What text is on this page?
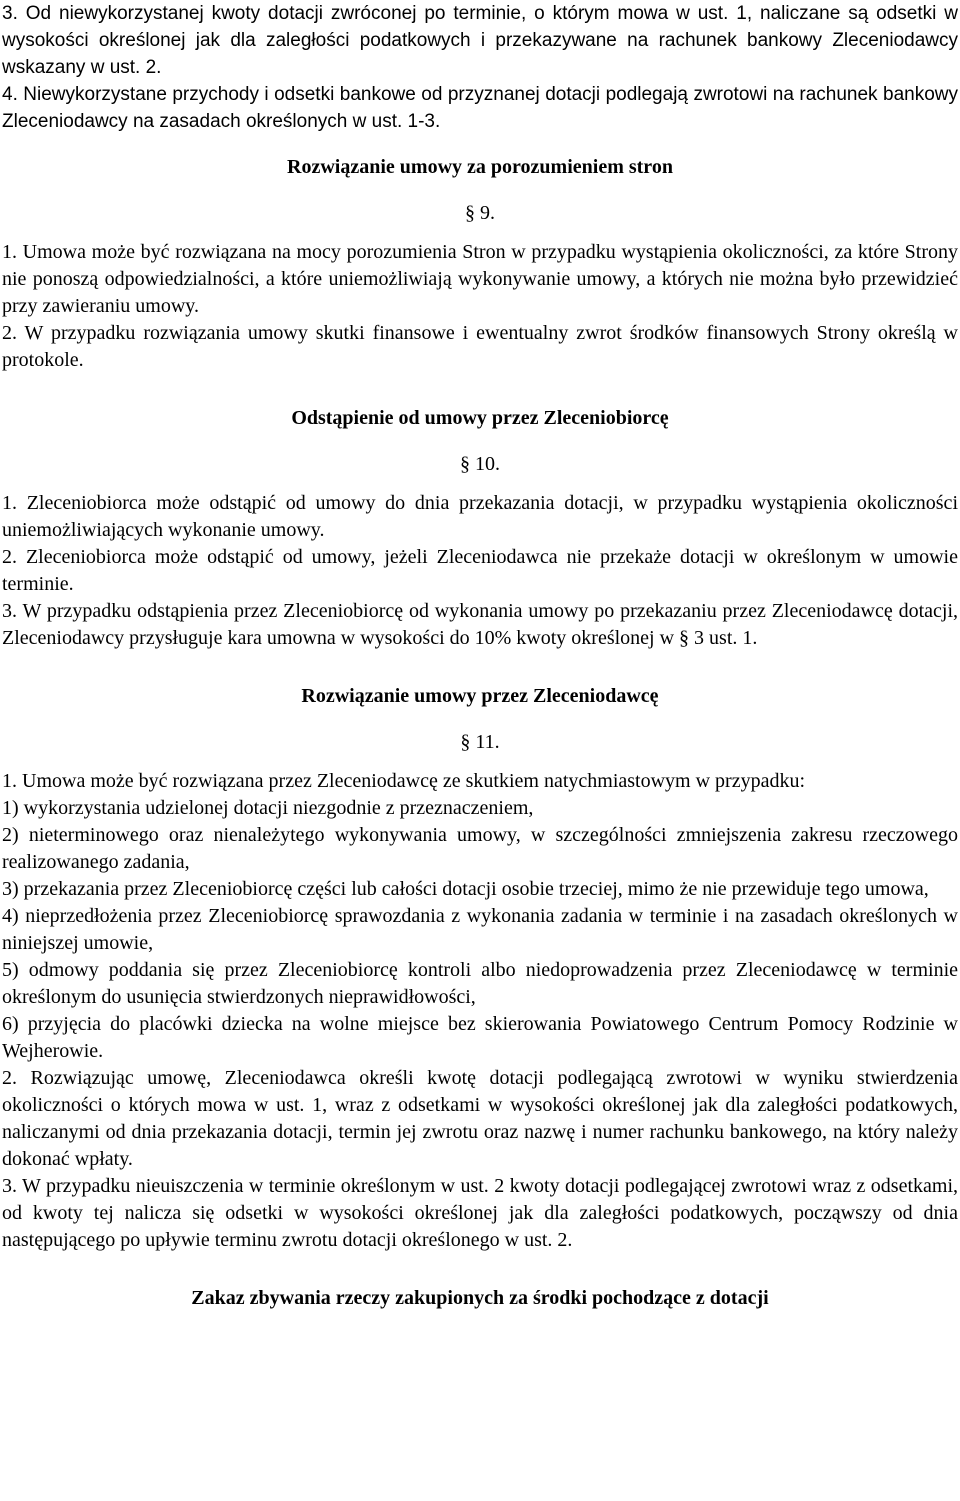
3. Od niewykorzystanej kwoty dotacji zwróconej po terminie, o którym mowa w ust. 1, naliczane są odsetki w wysokości określonej jak dla zaległości podatkowych i przekazywane na rachunek bankowy Zleceniodawcy wskazany w ust. 2.

4. Niewykorzystane przychody i odsetki bankowe od przyznanej dotacji podlegają zwrotowi na rachunek bankowy Zleceniodawcy na zasadach określonych w ust. 1-3.

Rozwiązanie umowy za porozumieniem stron
§ 9.

1. Umowa może być rozwiązana na mocy porozumienia Stron w przypadku wystąpienia okoliczności, za które Strony nie ponoszą odpowiedzialności, a które uniemożliwiają wykonywanie umowy, a których nie można było przewidzieć przy zawieraniu umowy.

2. W przypadku rozwiązania umowy skutki finansowe i ewentualny zwrot środków finansowych Strony określą w protokole.

Odstąpienie od umowy przez Zleceniobiorcę
§ 10.

1. Zleceniobiorca może odstąpić od umowy do dnia przekazania dotacji, w przypadku wystąpienia okoliczności uniemożliwiających wykonanie umowy.

2. Zleceniobiorca może odstąpić od umowy, jeżeli Zleceniodawca nie przekaże dotacji w określonym w umowie terminie.

3. W przypadku odstąpienia przez Zleceniobiorcę od wykonania umowy po przekazaniu przez Zleceniodawcę dotacji, Zleceniodawcy przysługuje kara umowna w wysokości do 10% kwoty określonej w § 3 ust. 1.

Rozwiązanie umowy przez Zleceniodawcę
§ 11.

1. Umowa może być rozwiązana przez Zleceniodawcę ze skutkiem natychmiastowym w przypadku:

1) wykorzystania udzielonej dotacji niezgodnie z przeznaczeniem,

2) nieterminowego oraz nienależytego wykonywania umowy, w szczególności zmniejszenia zakresu rzeczowego realizowanego zadania,

3) przekazania przez Zleceniobiorcę części lub całości dotacji osobie trzeciej, mimo że nie przewiduje tego umowa,

4) nieprzedłożenia przez Zleceniobiorcę sprawozdania z wykonania zadania w terminie i na zasadach określonych w niniejszej umowie,

5) odmowy poddania się przez Zleceniobiorcę kontroli albo niedoprowadzenia przez Zleceniodawcę w terminie określonym do usunięcia stwierdzonych nieprawidłowości,

6) przyjęcia do placówki dziecka na wolne miejsce bez skierowania Powiatowego Centrum Pomocy Rodzinie w Wejherowie.

2. Rozwiązując umowę, Zleceniodawca określi kwotę dotacji podlegającą zwrotowi w wyniku stwierdzenia okoliczności o których mowa w ust. 1, wraz z odsetkami w wysokości określonej jak dla zaległości podatkowych, naliczanymi od dnia przekazania dotacji, termin jej zwrotu oraz nazwę i numer rachunku bankowego, na który należy dokonać wpłaty.

3. W przypadku nieuiszczenia w terminie określonym w ust. 2 kwoty dotacji podlegającej zwrotowi wraz z odsetkami, od kwoty tej nalicza się odsetki w wysokości określonej jak dla zaległości podatkowych, począwszy od dnia następującego po upływie terminu zwrotu dotacji określonego w ust. 2.

Zakaz zbywania rzeczy zakupionych za środki pochodzące z dotacji
